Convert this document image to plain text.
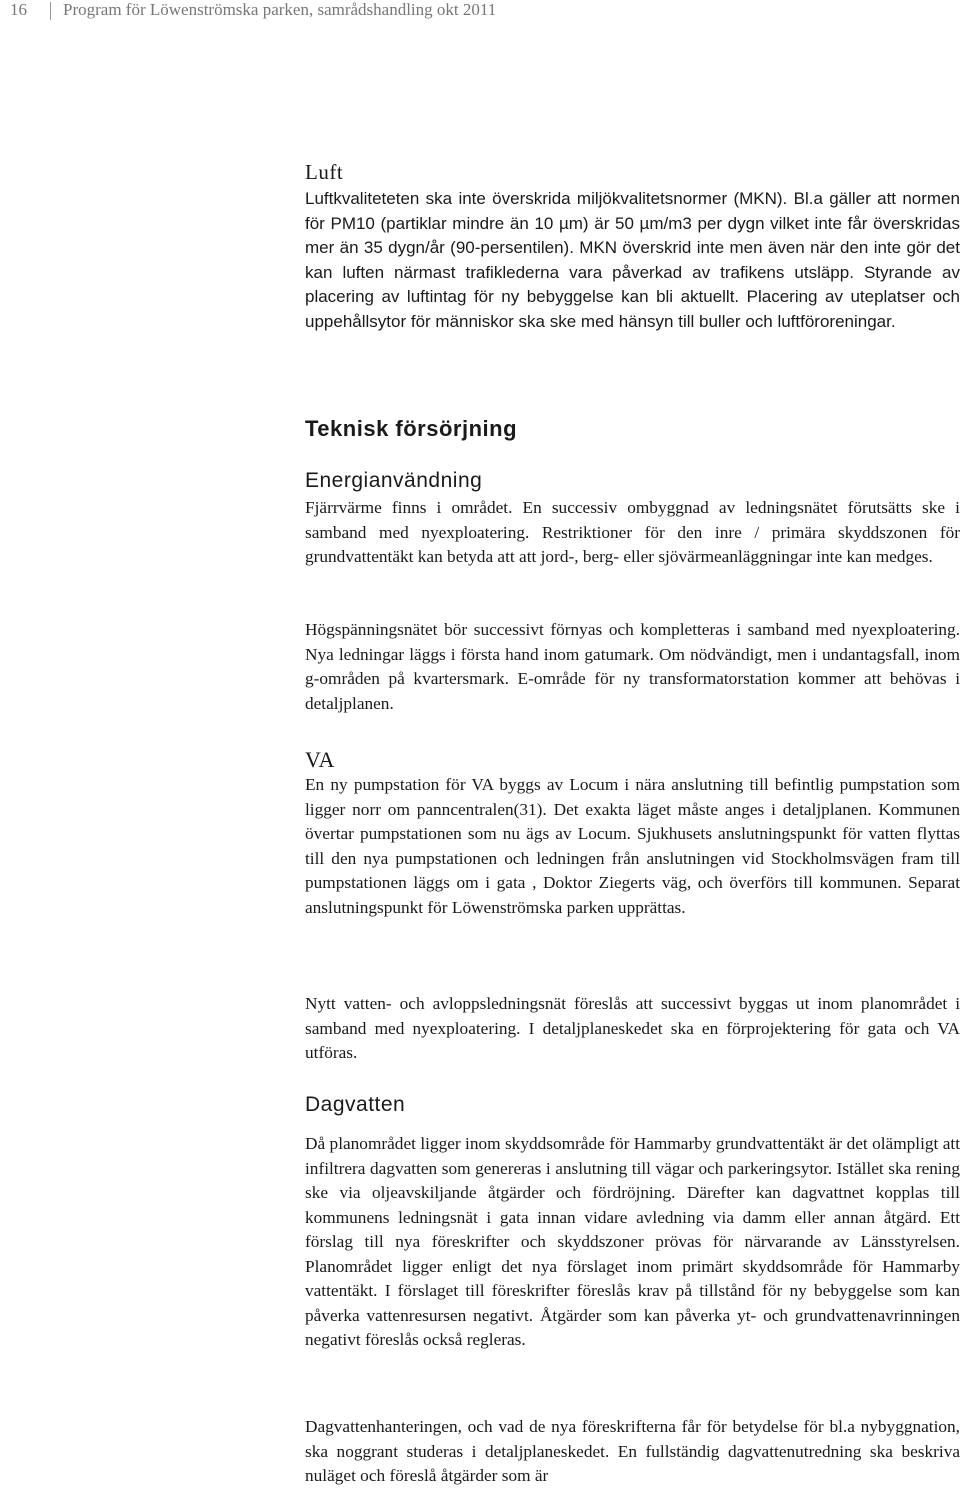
16 Program för Löwenströmska parken, samrådshandling okt 2011
Luft

Luftkvaliteteten ska inte överskrida miljökvalitetsnormer (MKN). Bl.a gäller att normen för PM10 (partiklar mindre än 10 µm) är 50 µm/m3 per dygn vilket inte får överskridas mer än 35 dygn/år (90-persentilen). MKN överskrid inte men även när den inte gör det kan luften närmast trafiklederna vara påverkad av trafikens utsläpp. Styrande av placering av luftintag för ny bebyggelse kan bli aktuellt. Placering av uteplatser och uppehållsytor för människor ska ske med hänsyn till buller och luftföroreningar.

Teknisk försörjning
Energianvändning

Fjärrvärme finns i området. En successiv ombyggnad av ledningsnätet förutsätts ske i samband med nyexploatering. Restriktioner för den inre / primära skyddszonen för grundvattentäkt kan betyda att att jord-, berg- eller sjövärmeanläggningar inte kan medges.

Högspänningsnätet bör successivt förnyas och kompletteras i samband med nyexploatering. Nya ledningar läggs i första hand inom gatumark. Om nödvändigt, men i undantagsfall, inom g-områden på kvartersmark. E-område för ny transformatorstation kommer att behövas i detaljplanen.

VA

En ny pumpstation för VA byggs av Locum i nära anslutning till befintlig pumpstation som ligger norr om panncentralen(31). Det exakta läget måste anges i detaljplanen. Kommunen övertar pumpstationen som nu ägs av Locum. Sjukhusets anslutningspunkt för vatten flyttas till den nya pumpstationen och ledningen från anslutningen vid Stockholmsvägen fram till pumpstationen läggs om i gata , Doktor Ziegerts väg, och överförs till kommunen. Separat anslutningspunkt för Löwenströmska parken upprättas.

Nytt vatten- och avloppsledningsnät föreslås att successivt byggas ut inom planområdet i samband med nyexploatering. I detaljplaneskedet ska en förprojektering för gata och VA utföras.

Dagvatten

Då planområdet ligger inom skyddsområde för Hammarby grundvattentäkt är det olämpligt att infiltrera dagvatten som genereras i anslutning till vägar och parkeringsytor. Istället ska rening ske via oljeavskiljande åtgärder och fördröjning. Därefter kan dagvattnet kopplas till kommunens ledningsnät i gata innan vidare avledning via damm eller annan åtgärd. Ett förslag till nya föreskrifter och skyddszoner prövas för närvarande av Länsstyrelsen. Planområdet ligger enligt det nya förslaget inom primärt skyddsområde för Hammarby vattentäkt. I förslaget till föreskrifter föreslås krav på tillstånd för ny bebyggelse som kan påverka vattenresursen negativt. Åtgärder som kan påverka yt- och grundvattenavrinningen negativt föreslås också regleras.

Dagvattenhanteringen, och vad de nya föreskrifterna får för betydelse för bl.a nybyggnation, ska noggrant studeras i detaljplaneskedet. En fullständig dagvattenutredning ska beskriva nuläget och föreslå åtgärder som är
